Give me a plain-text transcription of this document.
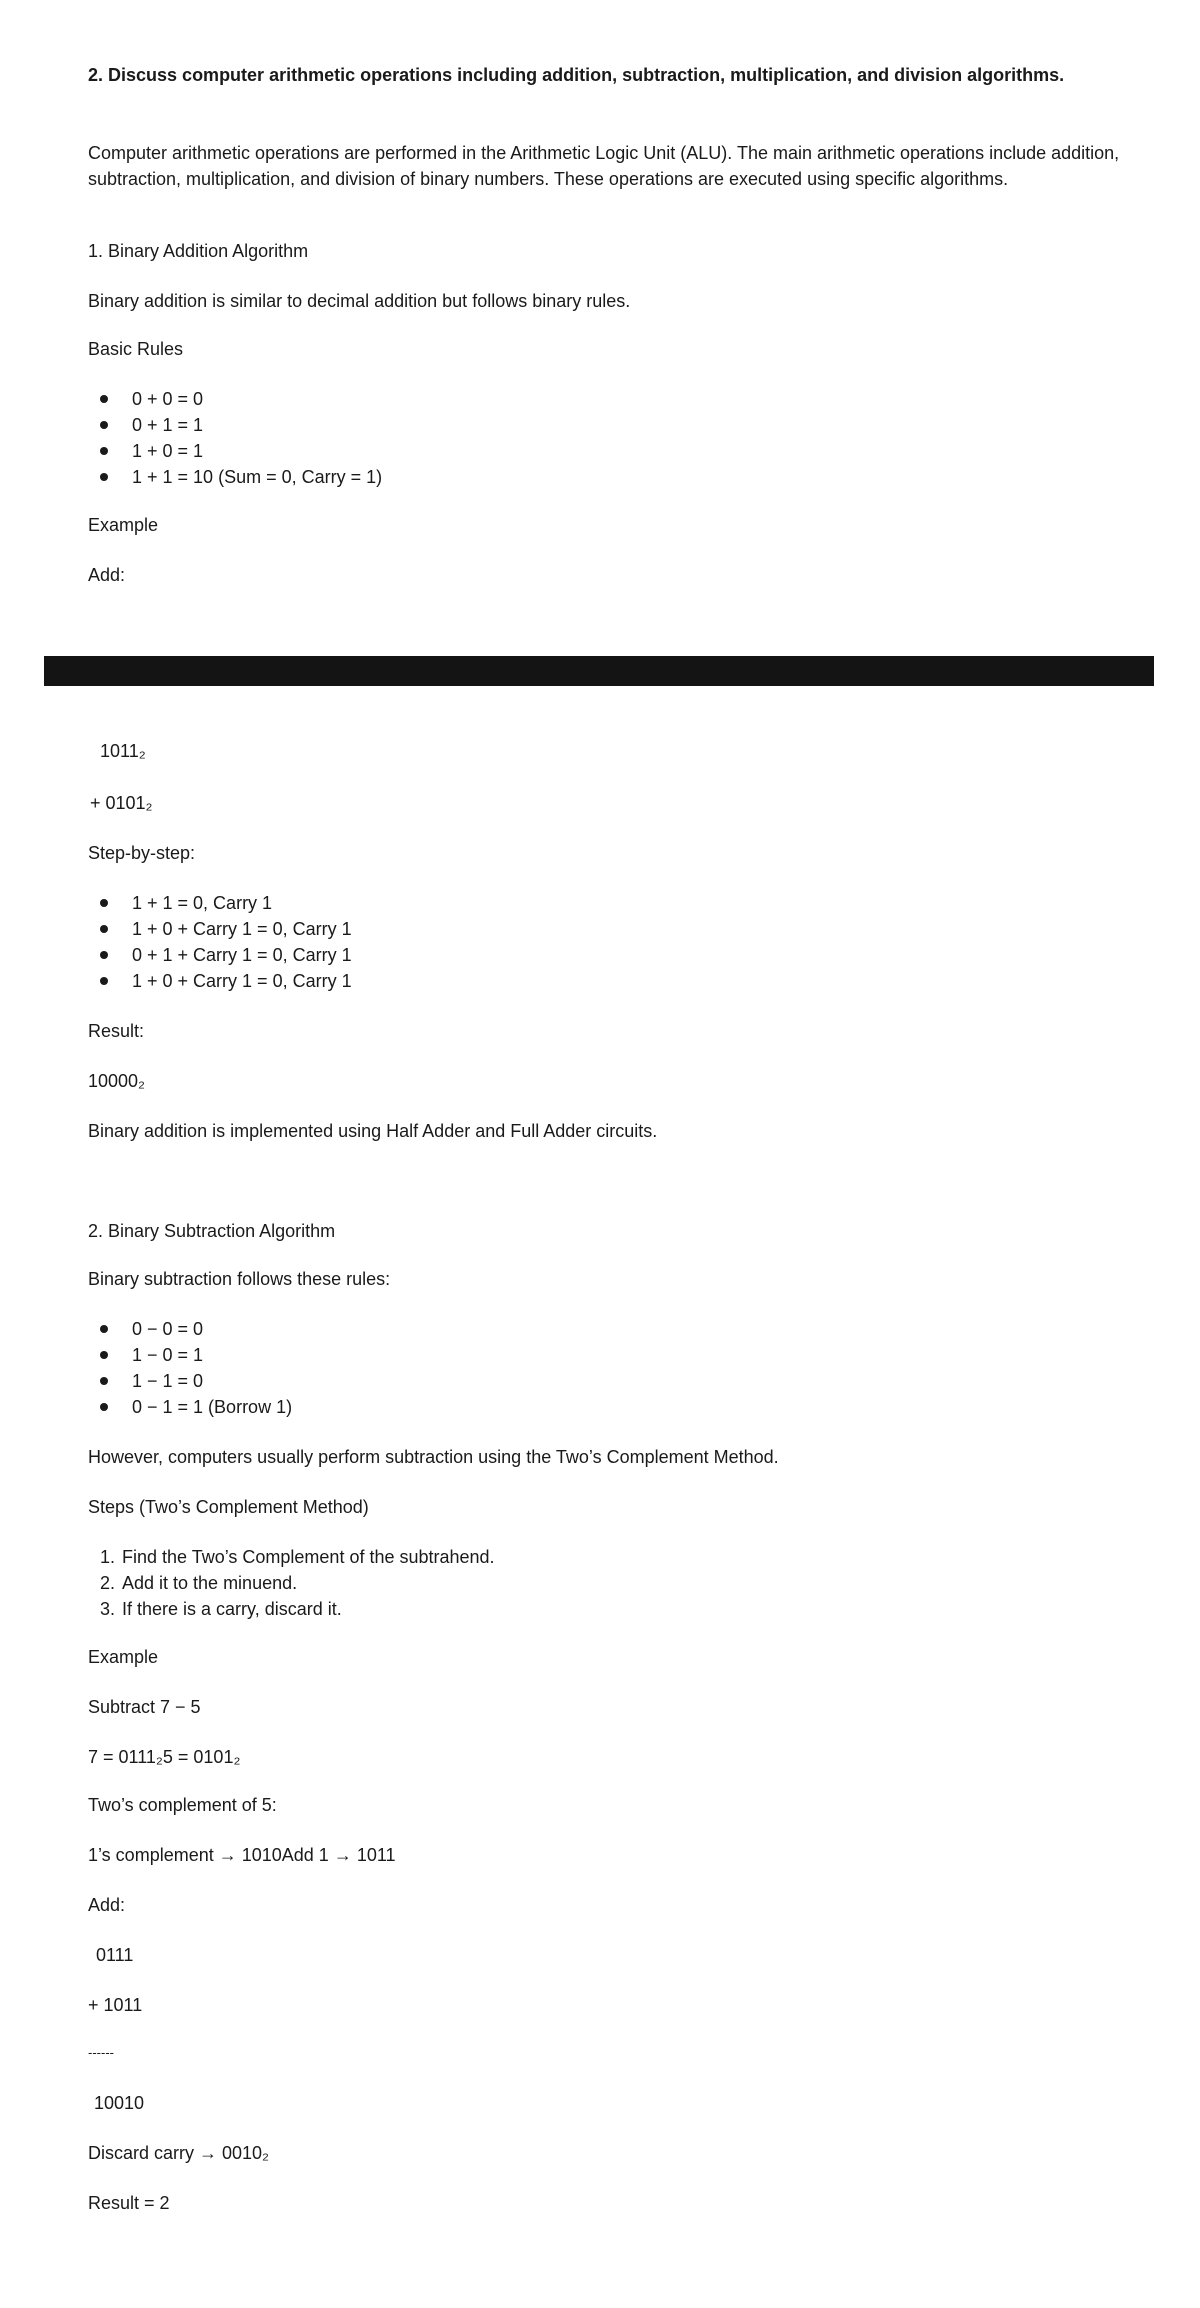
2. Discuss computer arithmetic operations including addition, subtraction, multiplication, and division algorithms.
Computer arithmetic operations are performed in the Arithmetic Logic Unit (ALU). The main arithmetic operations include addition, subtraction, multiplication, and division of binary numbers. These operations are executed using specific algorithms.
1. Binary Addition Algorithm
Binary addition is similar to decimal addition but follows binary rules.
Basic Rules
0 + 0 = 0
0 + 1 = 1
1 + 0 = 1
1 + 1 = 10 (Sum = 0, Carry = 1)
Example
Add:
1011₂
+ 0101₂
Step-by-step:
1 + 1 = 0, Carry 1
1 + 0 + Carry 1 = 0, Carry 1
0 + 1 + Carry 1 = 0, Carry 1
1 + 0 + Carry 1 = 0, Carry 1
Result:
10000₂
Binary addition is implemented using Half Adder and Full Adder circuits.
2. Binary Subtraction Algorithm
Binary subtraction follows these rules:
0 − 0 = 0
1 − 0 = 1
1 − 1 = 0
0 − 1 = 1 (Borrow 1)
However, computers usually perform subtraction using the Two’s Complement Method.
Steps (Two’s Complement Method)
1. Find the Two’s Complement of the subtrahend.
2. Add it to the minuend.
3. If there is a carry, discard it.
Example
Subtract 7 − 5
7 = 0111₂5 = 0101₂
Two’s complement of 5:
1’s complement → 1010Add 1 → 1011
Add:
0111
+ 1011
------
10010
Discard carry → 0010₂
Result = 2
